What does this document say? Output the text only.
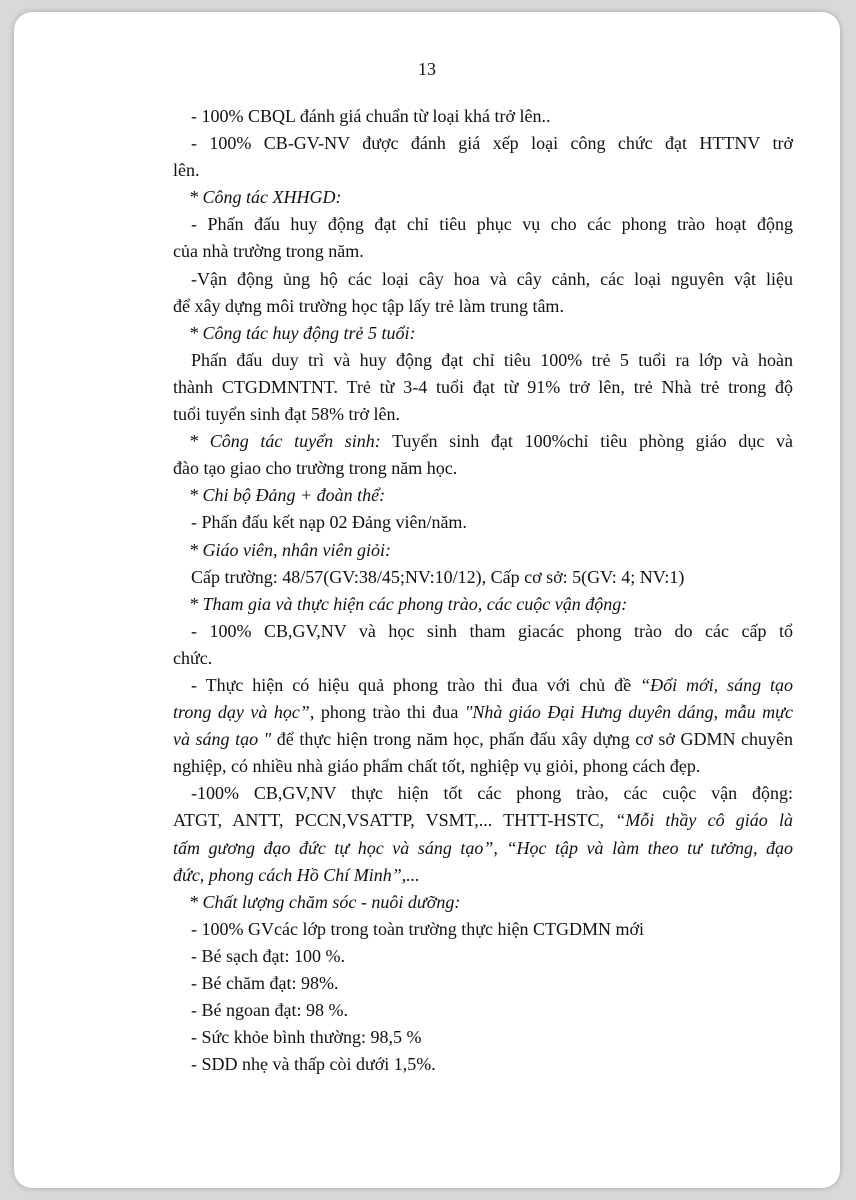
13

- 100% CBQL đánh giá chuẩn từ loại khá trở lên..

- 100% CB-GV-NV được đánh giá xếp loại công chức đạt HTTNV trở

lên.

* Công tác XHHGD:

- Phấn đấu huy động đạt chỉ tiêu phục vụ cho các phong trào hoạt động

của nhà trường trong năm.

-Vận động ủng hộ các loại cây hoa và cây cảnh, các loại nguyên vật liệu

để xây dựng môi trường học tập lấy trẻ làm trung tâm.

* Công tác huy động trẻ 5 tuổi:

Phấn đấu duy trì và huy động đạt chỉ tiêu 100% trẻ 5 tuổi ra lớp và hoàn

thành CTGDMNTNT. Trẻ từ 3-4 tuổi đạt từ 91% trở lên, trẻ Nhà trẻ trong độ

tuổi tuyển sinh đạt 58% trở lên.

* Công tác tuyển sinh: Tuyển sinh đạt 100%chỉ tiêu phòng giáo dục và

đào tạo giao cho trường trong năm học.

* Chi bộ Đảng + đoàn thể:

- Phấn đấu kết nạp 02 Đảng viên/năm.

* Giáo viên, nhân viên giỏi:

Cấp trường: 48/57(GV:38/45;NV:10/12), Cấp cơ sở: 5(GV: 4; NV:1)

* Tham gia và thực hiện các phong trào, các cuộc vận động:

- 100% CB,GV,NV và học sinh tham giacác phong trào do các cấp tổ

chức.

- Thực hiện có hiệu quả phong trào thi đua với chủ đề “Đổi mới, sáng tạo

trong dạy và học”, phong trào thi đua "Nhà giáo Đại Hưng duyên dáng, mẫu mực

và sáng tạo " để thực hiện trong năm học, phấn đấu xây dựng cơ sở GDMN chuyên

nghiệp, có nhiều nhà giáo phẩm chất tốt, nghiệp vụ giỏi, phong cách đẹp.

-100% CB,GV,NV thực hiện tốt các phong trào, các cuộc vận động:

ATGT, ANTT, PCCN,VSATTP, VSMT,... THTT-HSTC, “Mỗi thầy cô giáo là

tấm gương đạo đức tự học và sáng tạo”, “Học tập và làm theo tư tưởng, đạo

đức, phong cách Hồ Chí Minh”,...

* Chất lượng chăm sóc - nuôi dưỡng:

- 100% GVcác lớp trong toàn trường thực hiện CTGDMN mới

- Bé sạch đạt: 100 %.

- Bé chăm đạt: 98%.

- Bé ngoan đạt: 98 %.

- Sức khỏe bình thường: 98,5 %

- SDD nhẹ và thấp còi dưới 1,5%.
